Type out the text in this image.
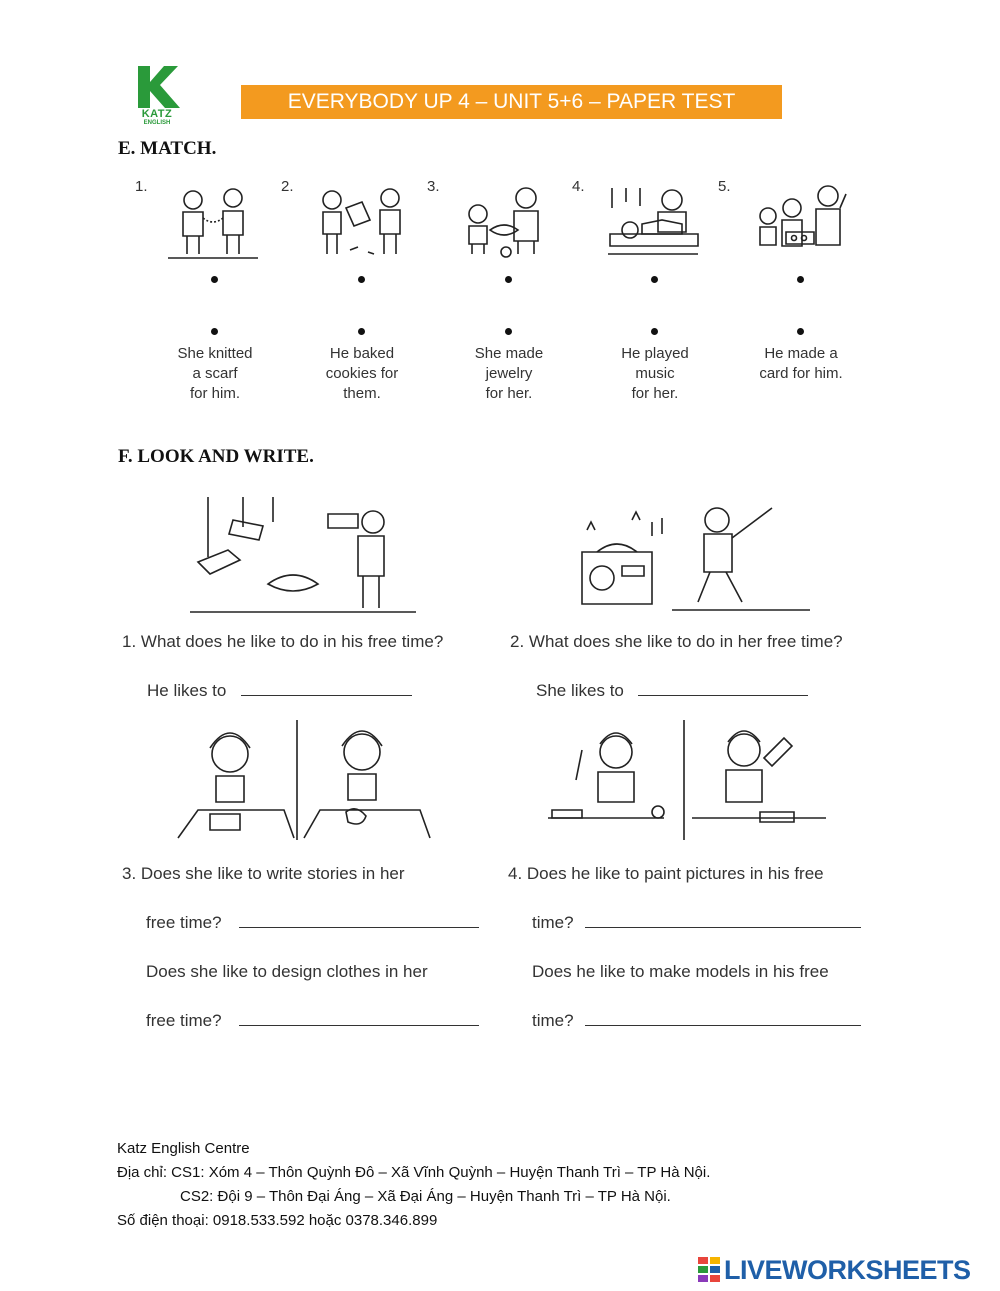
KATZ
ENGLISH
EVERYBODY UP 4 – UNIT 5+6 – PAPER TEST
E. MATCH.
1.	2.	3.	4.	5.
She knitted
a scarf
for him.
He baked
cookies for
them.
She made
jewelry
for her.
He played
music
for her.
He made a
card for him.
F. LOOK AND WRITE.
1. What does he like to do in his free time?
He likes to
2. What does she like to do in her free time?
She likes to
3. Does she like to write stories in her
free time?
Does she like to design clothes in her
free time?
4. Does he like to paint pictures in his free
time?
Does he like to make models in his free
time?
Katz English Centre
Địa chỉ: CS1: Xóm 4 – Thôn Quỳnh Đô – Xã Vĩnh Quỳnh – Huyện Thanh Trì – TP Hà Nội.
CS2: Đội 9 – Thôn Đại Áng – Xã Đại Áng – Huyện Thanh Trì – TP Hà Nội.
Số điện thoại: 0918.533.592 hoặc 0378.346.899
LIVEWORKSHEETS
